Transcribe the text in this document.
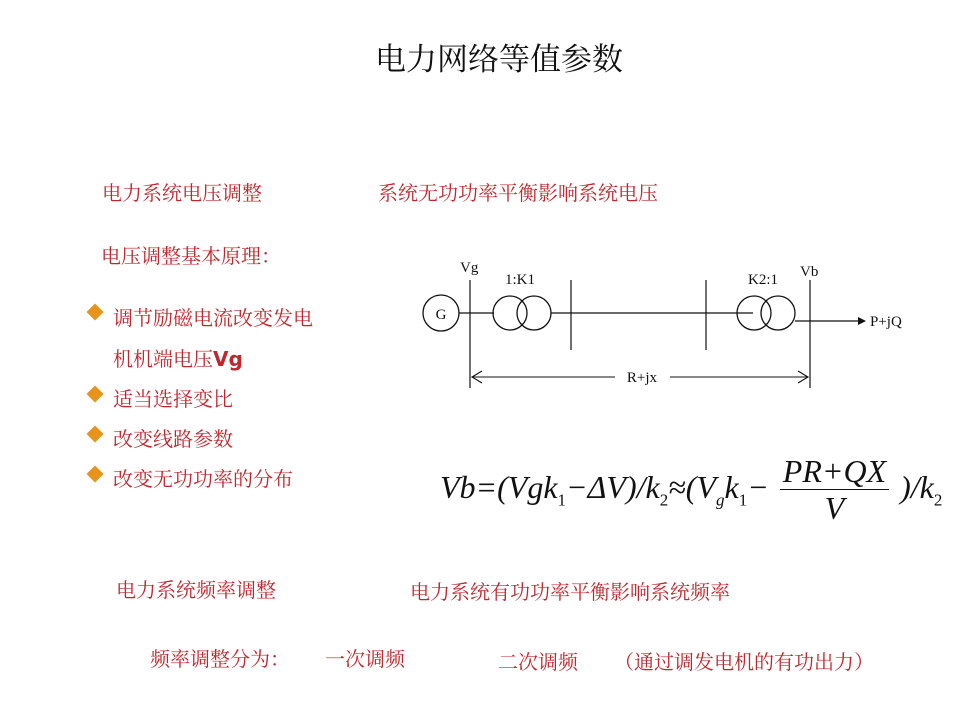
电力网络等值参数
电力系统电压调整	系统无功功率平衡影响系统电压
电压调整基本原理：
调节励磁电流改变发电
机机端电压Vg
适当选择变比
改变线路参数
改变无功功率的分布
G
Vg
1:K1	K2:1 Vb
P+jQ
R+jx
$Vb=(Vgk_1-\Delta V)/k_2\approx(V_gk_1- \frac{PR+QX}{V} )/k_2$
电力系统频率调整	电力系统有功功率平衡影响系统频率
频率调整分为： 一次调频	二次调频 （通过调发电机的有功出力）
